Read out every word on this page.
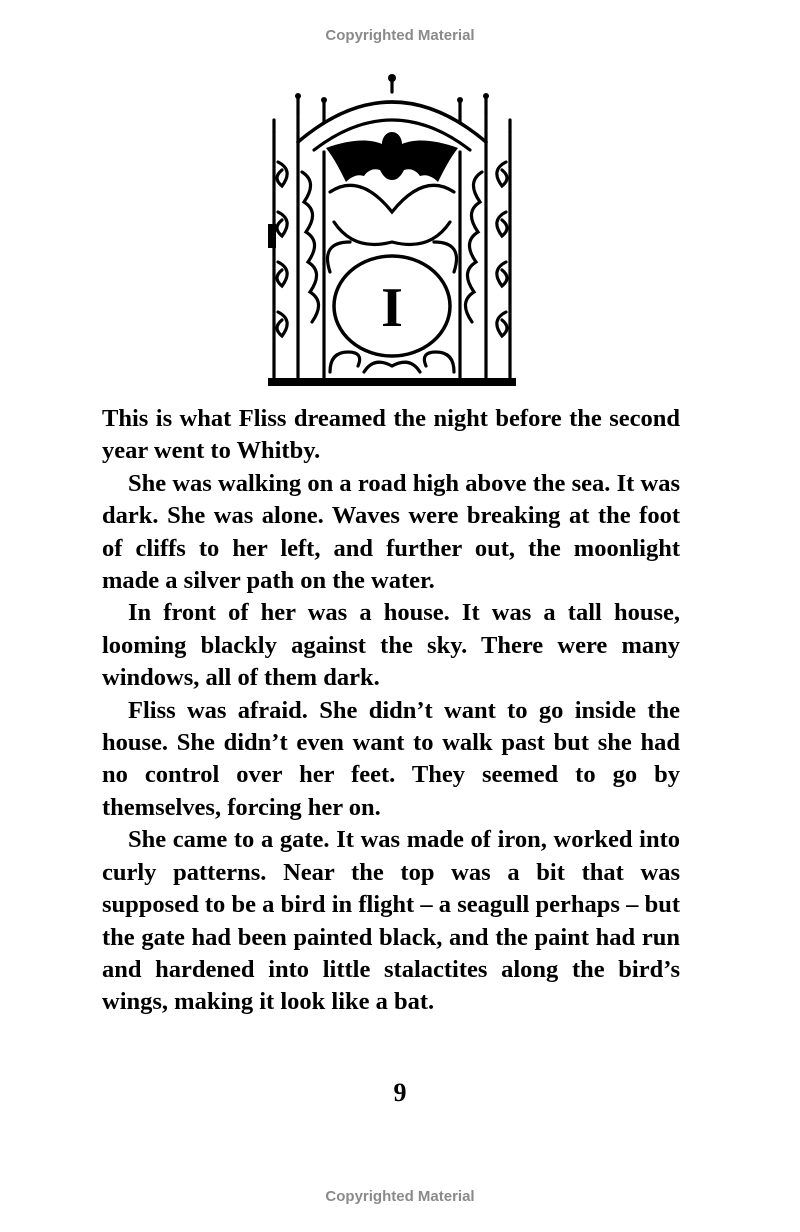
Copyrighted Material
I

This is what Fliss dreamed the night before the second year went to Whitby.

She was walking on a road high above the sea. It was dark. She was alone. Waves were breaking at the foot of cliffs to her left, and further out, the moonlight made a silver path on the water.

In front of her was a house. It was a tall house, looming blackly against the sky. There were many windows, all of them dark.

Fliss was afraid. She didn’t want to go inside the house. She didn’t even want to walk past but she had no control over her feet. They seemed to go by themselves, forcing her on.

She came to a gate. It was made of iron, worked into curly patterns. Near the top was a bit that was supposed to be a bird in flight – a seagull perhaps – but the gate had been painted black, and the paint had run and hardened into little stalactites along the bird’s wings, making it look like a bat.

9
Copyrighted Material
